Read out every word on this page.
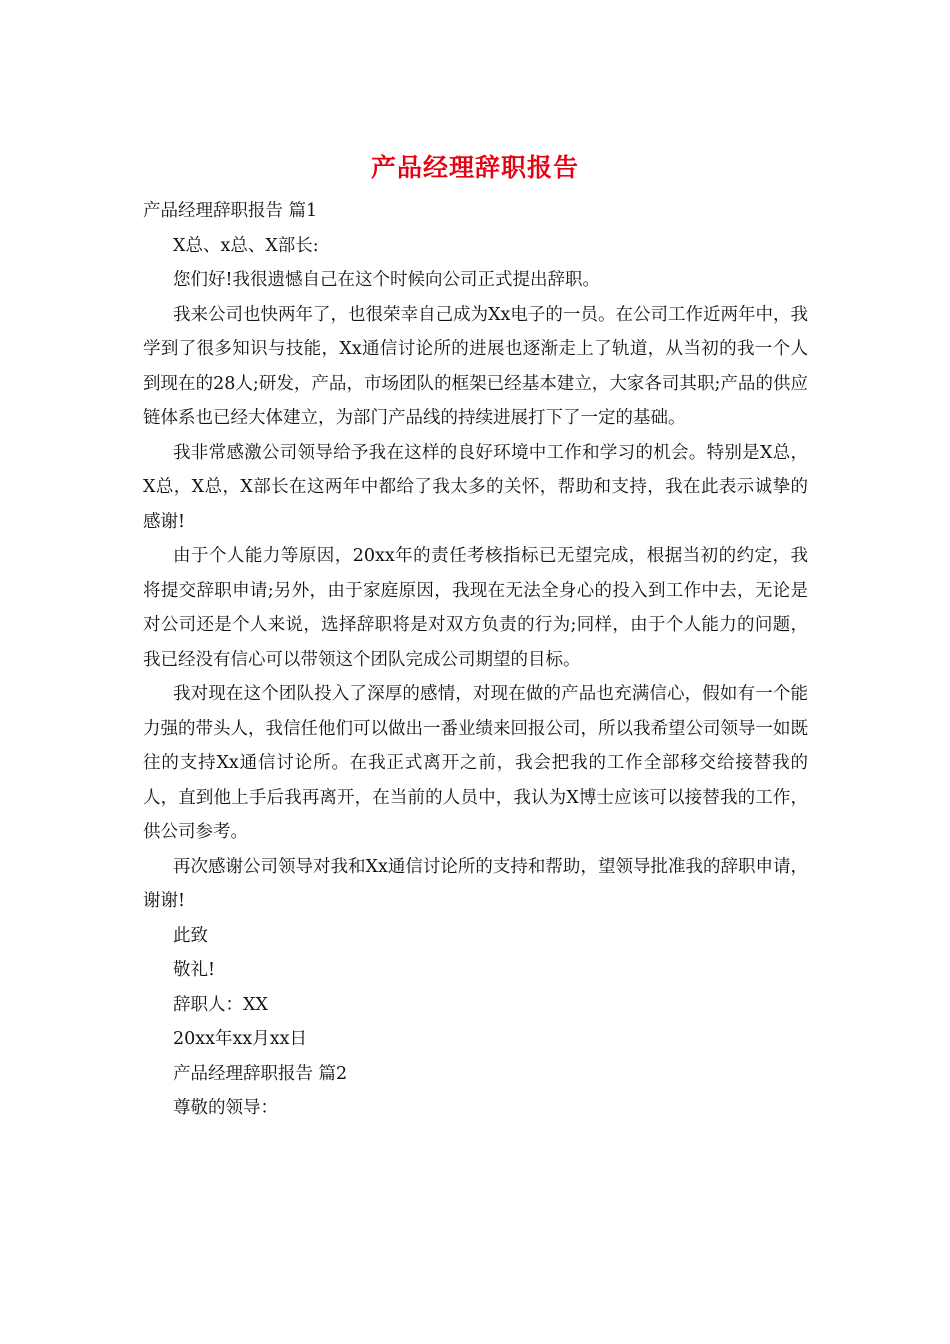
产品经理辞职报告
产品经理辞职报告 篇1
X总、x总、X部长:
您们好!我很遗憾自己在这个时候向公司正式提出辞职。
我来公司也快两年了，也很荣幸自己成为Xx电子的一员。在公司工作近两年中，我学到了很多知识与技能，Xx通信讨论所的进展也逐渐走上了轨道，从当初的我一个人到现在的28人;研发，产品，市场团队的框架已经基本建立，大家各司其职;产品的供应链体系也已经大体建立，为部门产品线的持续进展打下了一定的基础。
我非常感激公司领导给予我在这样的良好环境中工作和学习的机会。特别是X总，X总，X总，X部长在这两年中都给了我太多的关怀，帮助和支持，我在此表示诚挚的感谢!
由于个人能力等原因，20xx年的责任考核指标已无望完成，根据当初的约定，我将提交辞职申请;另外，由于家庭原因，我现在无法全身心的投入到工作中去，无论是对公司还是个人来说，选择辞职将是对双方负责的行为;同样，由于个人能力的问题，我已经没有信心可以带领这个团队完成公司期望的目标。
我对现在这个团队投入了深厚的感情，对现在做的产品也充满信心，假如有一个能力强的带头人，我信任他们可以做出一番业绩来回报公司，所以我希望公司领导一如既往的支持Xx通信讨论所。在我正式离开之前，我会把我的工作全部移交给接替我的人，直到他上手后我再离开，在当前的人员中，我认为X博士应该可以接替我的工作，供公司参考。
再次感谢公司领导对我和Xx通信讨论所的支持和帮助，望领导批准我的辞职申请，谢谢!
此致
敬礼!
辞职人：XX
20xx年xx月xx日
产品经理辞职报告 篇2
尊敬的领导：
